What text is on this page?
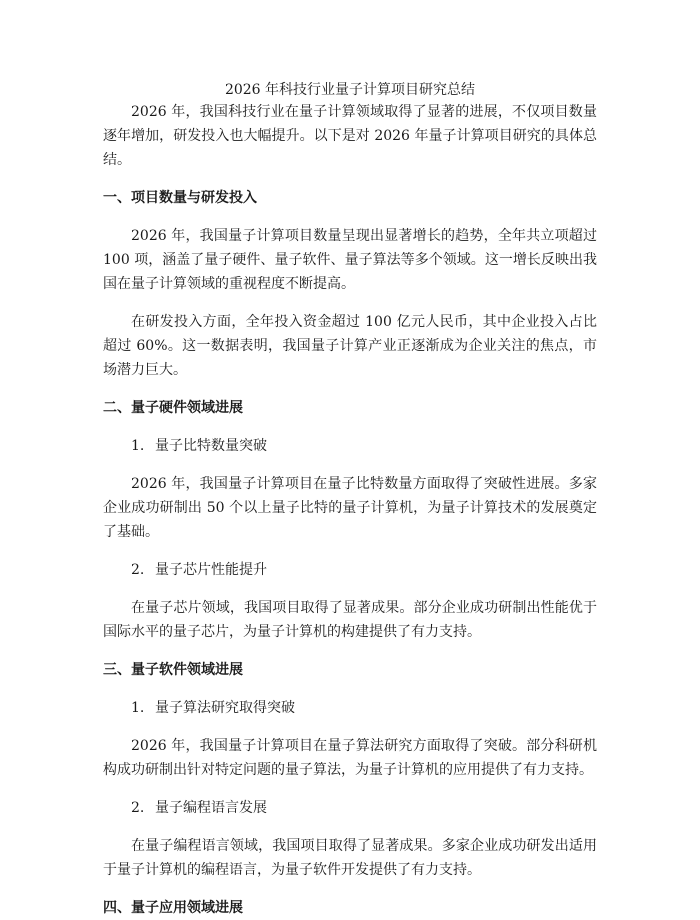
2026 年科技行业量子计算项目研究总结

2026 年，我国科技行业在量子计算领域取得了显著的进展，不仅项目数量逐年增加，研发投入也大幅提升。以下是对 2026 年量子计算项目研究的具体总结。

一、项目数量与研发投入

2026 年，我国量子计算项目数量呈现出显著增长的趋势，全年共立项超过 100 项，涵盖了量子硬件、量子软件、量子算法等多个领域。这一增长反映出我国在量子计算领域的重视程度不断提高。

在研发投入方面，全年投入资金超过 100 亿元人民币，其中企业投入占比超过 60%。这一数据表明，我国量子计算产业正逐渐成为企业关注的焦点，市场潜力巨大。

二、量子硬件领域进展
1. 量子比特数量突破

2026 年，我国量子计算项目在量子比特数量方面取得了突破性进展。多家企业成功研制出 50 个以上量子比特的量子计算机，为量子计算技术的发展奠定了基础。

2. 量子芯片性能提升

在量子芯片领域，我国项目取得了显著成果。部分企业成功研制出性能优于国际水平的量子芯片，为量子计算机的构建提供了有力支持。

三、量子软件领域进展
1. 量子算法研究取得突破

2026 年，我国量子计算项目在量子算法研究方面取得了突破。部分科研机构成功研制出针对特定问题的量子算法，为量子计算机的应用提供了有力支持。

2. 量子编程语言发展

在量子编程语言领域，我国项目取得了显著成果。多家企业成功研发出适用于量子计算机的编程语言，为量子软件开发提供了有力支持。

四、量子应用领域进展
